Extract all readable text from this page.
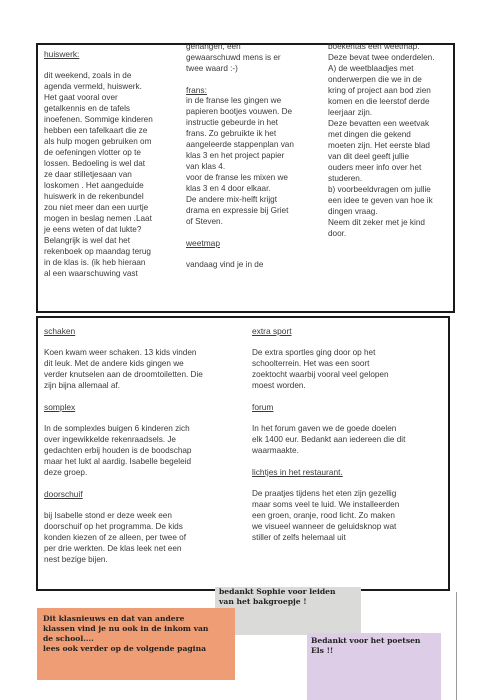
huiswerk:

dit weekend, zoals in de

agenda vermeld, huiswerk.

Het gaat vooral over

getalkennis en de tafels

inoefenen. Sommige kinderen

hebben een tafelkaart die ze

als hulp mogen gebruiken om

de oefeningen vlotter op te

lossen. Bedoeling is wel dat

ze daar stilletjesaan van

loskomen . Het aangeduide

huiswerk in de rekenbundel

zou niet meer dan een uurtje

mogen in beslag nemen .Laat

je eens weten of dat lukte?

Belangrijk is wel dat het

rekenboek op maandag terug

in de klas is. (ik heb hieraan

al een waarschuwing vast

gehangen, een

gewaarschuwd mens is er

twee waard :-)

frans:

in de franse les gingen we

papieren bootjes vouwen. De

instructie gebeurde in het

frans. Zo gebruikte ik het

aangeleerde stappenplan van

klas 3 en het project papier

van klas 4.

voor de franse les mixen we

klas 3 en 4 door elkaar.

De andere mix-helft krijgt

drama en expressie bij Griet

of Steven.

weetmap

vandaag vind je in de

boekentas een weetmap.

Deze bevat twee onderdelen.

A) de weetblaadjes met

onderwerpen die we in de

kring of project aan bod zien

komen en die leerstof derde

leerjaar zijn.

Deze bevatten een weetvak

met dingen die gekend

moeten zijn. Het eerste blad

van dit deel geeft jullie

ouders meer info over het

studeren.

b) voorbeeldvragen om jullie

een idee te geven van hoe ik

dingen vraag.

Neem dit zeker met je kind

door.

schaken

Koen kwam weer schaken. 13 kids vinden

dit leuk. Met de andere kids gingen we

verder knutselen aan de droomtoiletten. Die

zijn bijna allemaal af.

somplex

In de somplexles buigen 6 kinderen zich

over ingewikkelde rekenraadsels. Je

gedachten erbij houden is de boodschap

maar het lukt al aardig. Isabelle begeleid

deze groep.

doorschuif

bij Isabelle stond er deze week een

doorschuif op het programma. De kids

konden kiezen of ze alleen, per twee of

per drie werkten. De klas leek net een

nest bezige bijen.

extra sport

De extra sportles ging door op het

schoolterrein. Het was een soort

zoektocht waarbij vooral veel gelopen

moest worden.

forum

In het forum gaven we de goede doelen

elk 1400 eur. Bedankt aan iedereen die dit

waarmaakte.

lichtjes in het restaurant.

De praatjes tijdens het eten zijn gezellig

maar soms veel te luid. We installeerden

een groen, oranje, rood licht. Zo maken

we visueel wanneer de geluidsknop wat

stiller of zelfs helemaal uit

bedankt Sophie voor leiden

van het bakgroepje !

Dit klasnieuws en dat van andere

klassen vind je nu ook in de inkom van

de school....

lees ook verder op de volgende pagina

Bedankt voor het poetsen

Els !!
